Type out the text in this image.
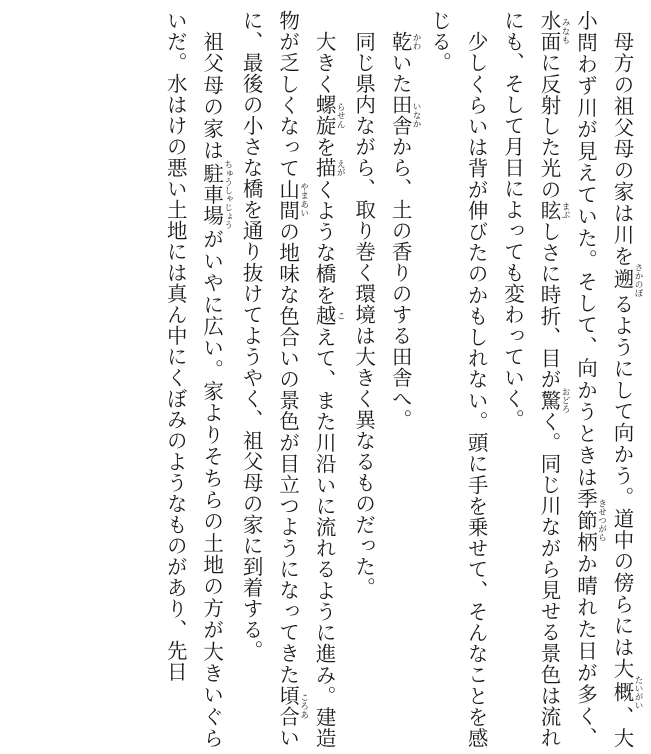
母方の祖父母の家は川を遡 さかのぼるようにして向かう。道中の傍らには大概 たいがい、大小問わず川が見えていた。そして、向かうときは季節柄 きせつがらか晴れた日が多く、水面 みなもに反射した光の眩 まぶしさに時折、目が驚 おどろく。同じ川ながら見せる景色は流れにも、そして月日によっても変わっていく。

少しくらいは背が伸びたのかもしれない。頭に手を乗せて、そんなことを感じる。

乾 かわいた田舎 いなかから、土の香りのする田舎へ。

同じ県内ながら、取り巻く環境は大きく異なるものだった。

大きく螺旋 らせんを描 えがくような橋を越 こえて、また川沿いに流れるように進み。建造物が乏しくなって山間 やまあいの地味な色合いの景色が目立つようになってきた頃合 ころあいに、最後の小さな橋を通り抜けてようやく、祖父母の家に到着する。

祖父母の家は駐車場 ちゅうしゃじょうがいやに広い。家よりそちらの土地の方が大きいぐらいだ。水はけの悪い土地には真ん中にくぼみのようなものがあり、先日
